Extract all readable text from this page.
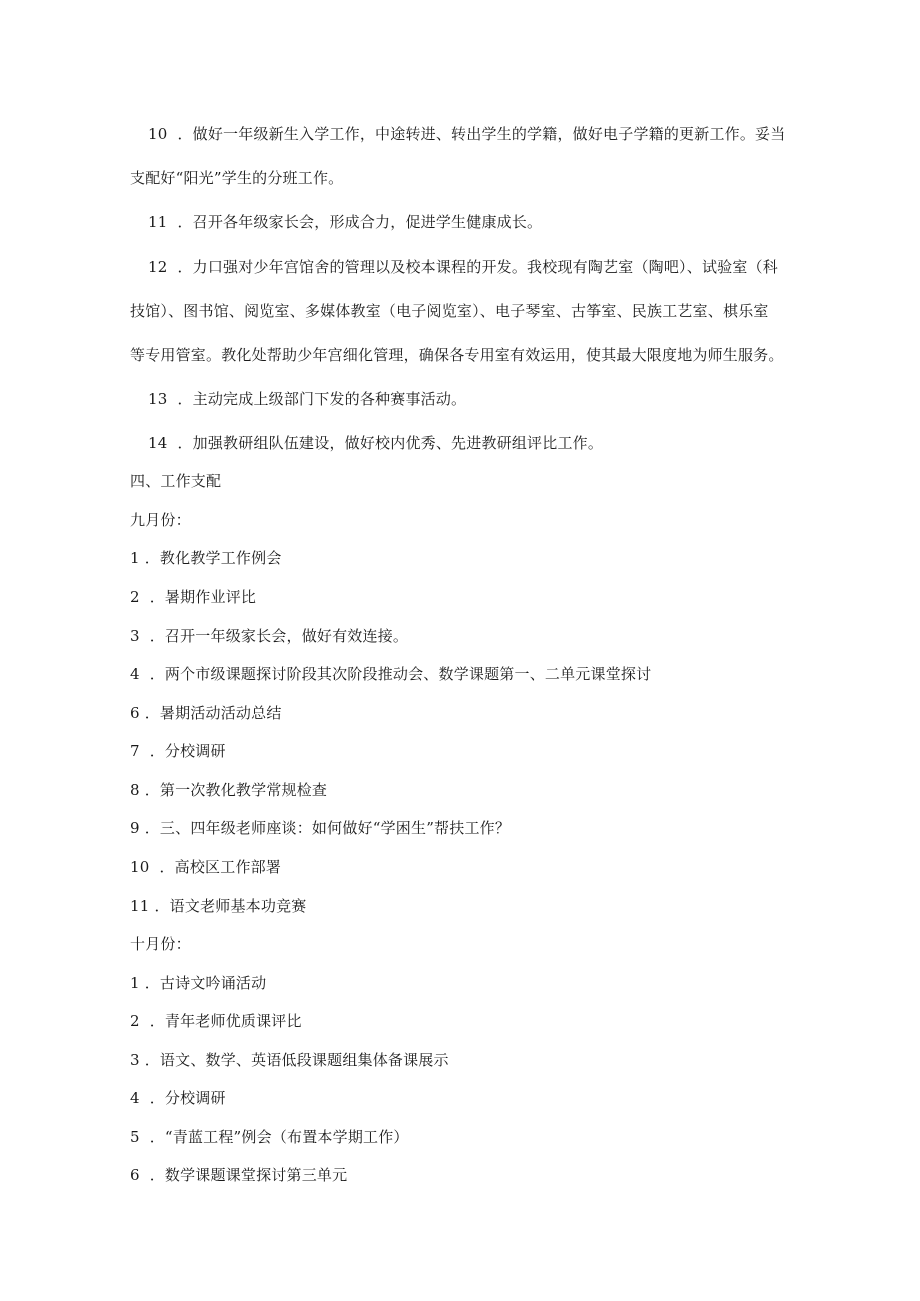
10 ．做好一年级新生入学工作，中途转进、转出学生的学籍，做好电子学籍的更新工作。妥当
支配好“阳光”学生的分班工作。
11 ．召开各年级家长会，形成合力，促进学生健康成长。
12 ．力口强对少年宫馆舍的管理以及校本课程的开发。我校现有陶艺室（陶吧）、试验室（科
技馆）、图书馆、阅览室、多媒体教室（电子阅览室）、电子琴室、古筝室、民族工艺室、棋乐室
等专用管室。教化处帮助少年宫细化管理，确保各专用室有效运用，使其最大限度地为师生服务。
13 ．主动完成上级部门下发的各种赛事活动。
14 ．加强教研组队伍建设，做好校内优秀、先进教研组评比工作。
四、工作支配
九月份：
1 ．教化教学工作例会
2 ．暑期作业评比
3 ．召开一年级家长会，做好有效连接。
4 ．两个市级课题探讨阶段其次阶段推动会、数学课题第一、二单元课堂探讨
6 ．暑期活动活动总结
7 ．分校调研
8 ．第一次教化教学常规检查
9 ．三、四年级老师座谈：如何做好“学困生”帮扶工作？
10 ．高校区工作部署
11 ．语文老师基本功竞赛
十月份：
1 ．古诗文吟诵活动
2 ．青年老师优质课评比
3 ．语文、数学、英语低段课题组集体备课展示
4 ．分校调研
5 ．“青蓝工程”例会（布置本学期工作）
6 ．数学课题课堂探讨第三单元
